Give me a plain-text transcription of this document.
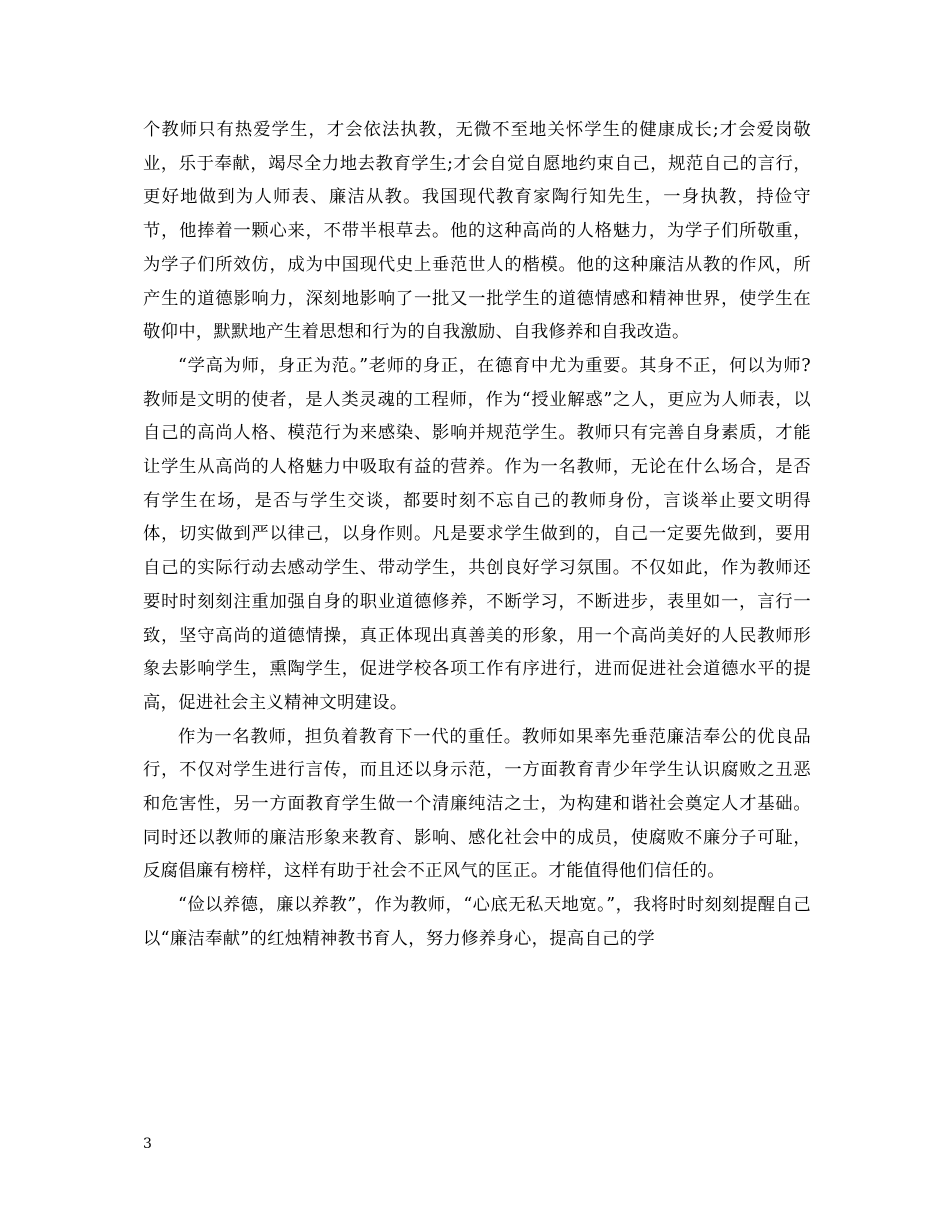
个教师只有热爱学生，才会依法执教，无微不至地关怀学生的健康成长;才会爱岗敬业，乐于奉献，竭尽全力地去教育学生;才会自觉自愿地约束自己，规范自己的言行，更好地做到为人师表、廉洁从教。我国现代教育家陶行知先生，一身执教，持俭守节，他捧着一颗心来，不带半根草去。他的这种高尚的人格魅力，为学子们所敬重，为学子们所效仿，成为中国现代史上垂范世人的楷模。他的这种廉洁从教的作风，所产生的道德影响力，深刻地影响了一批又一批学生的道德情感和精神世界，使学生在敬仰中，默默地产生着思想和行为的自我激励、自我修养和自我改造。

“学高为师，身正为范。”老师的身正，在德育中尤为重要。其身不正，何以为师?教师是文明的使者，是人类灵魂的工程师，作为“授业解惑”之人，更应为人师表，以自己的高尚人格、模范行为来感染、影响并规范学生。教师只有完善自身素质，才能让学生从高尚的人格魅力中吸取有益的营养。作为一名教师，无论在什么场合，是否有学生在场，是否与学生交谈，都要时刻不忘自己的教师身份，言谈举止要文明得体，切实做到严以律己，以身作则。凡是要求学生做到的，自己一定要先做到，要用自己的实际行动去感动学生、带动学生，共创良好学习氛围。不仅如此，作为教师还要时时刻刻注重加强自身的职业道德修养，不断学习，不断进步，表里如一，言行一致，坚守高尚的道德情操，真正体现出真善美的形象，用一个高尚美好的人民教师形象去影响学生，熏陶学生，促进学校各项工作有序进行，进而促进社会道德水平的提高，促进社会主义精神文明建设。

作为一名教师，担负着教育下一代的重任。教师如果率先垂范廉洁奉公的优良品行，不仅对学生进行言传，而且还以身示范，一方面教育青少年学生认识腐败之丑恶和危害性，另一方面教育学生做一个清廉纯洁之士，为构建和谐社会奠定人才基础。同时还以教师的廉洁形象来教育、影响、感化社会中的成员，使腐败不廉分子可耻，反腐倡廉有榜样，这样有助于社会不正风气的匡正。才能值得他们信任的。

“俭以养德，廉以养教”，作为教师，“心底无私天地宽。”，我将时时刻刻提醒自己以“廉洁奉献”的红烛精神教书育人，努力修养身心，提高自己的学

3
